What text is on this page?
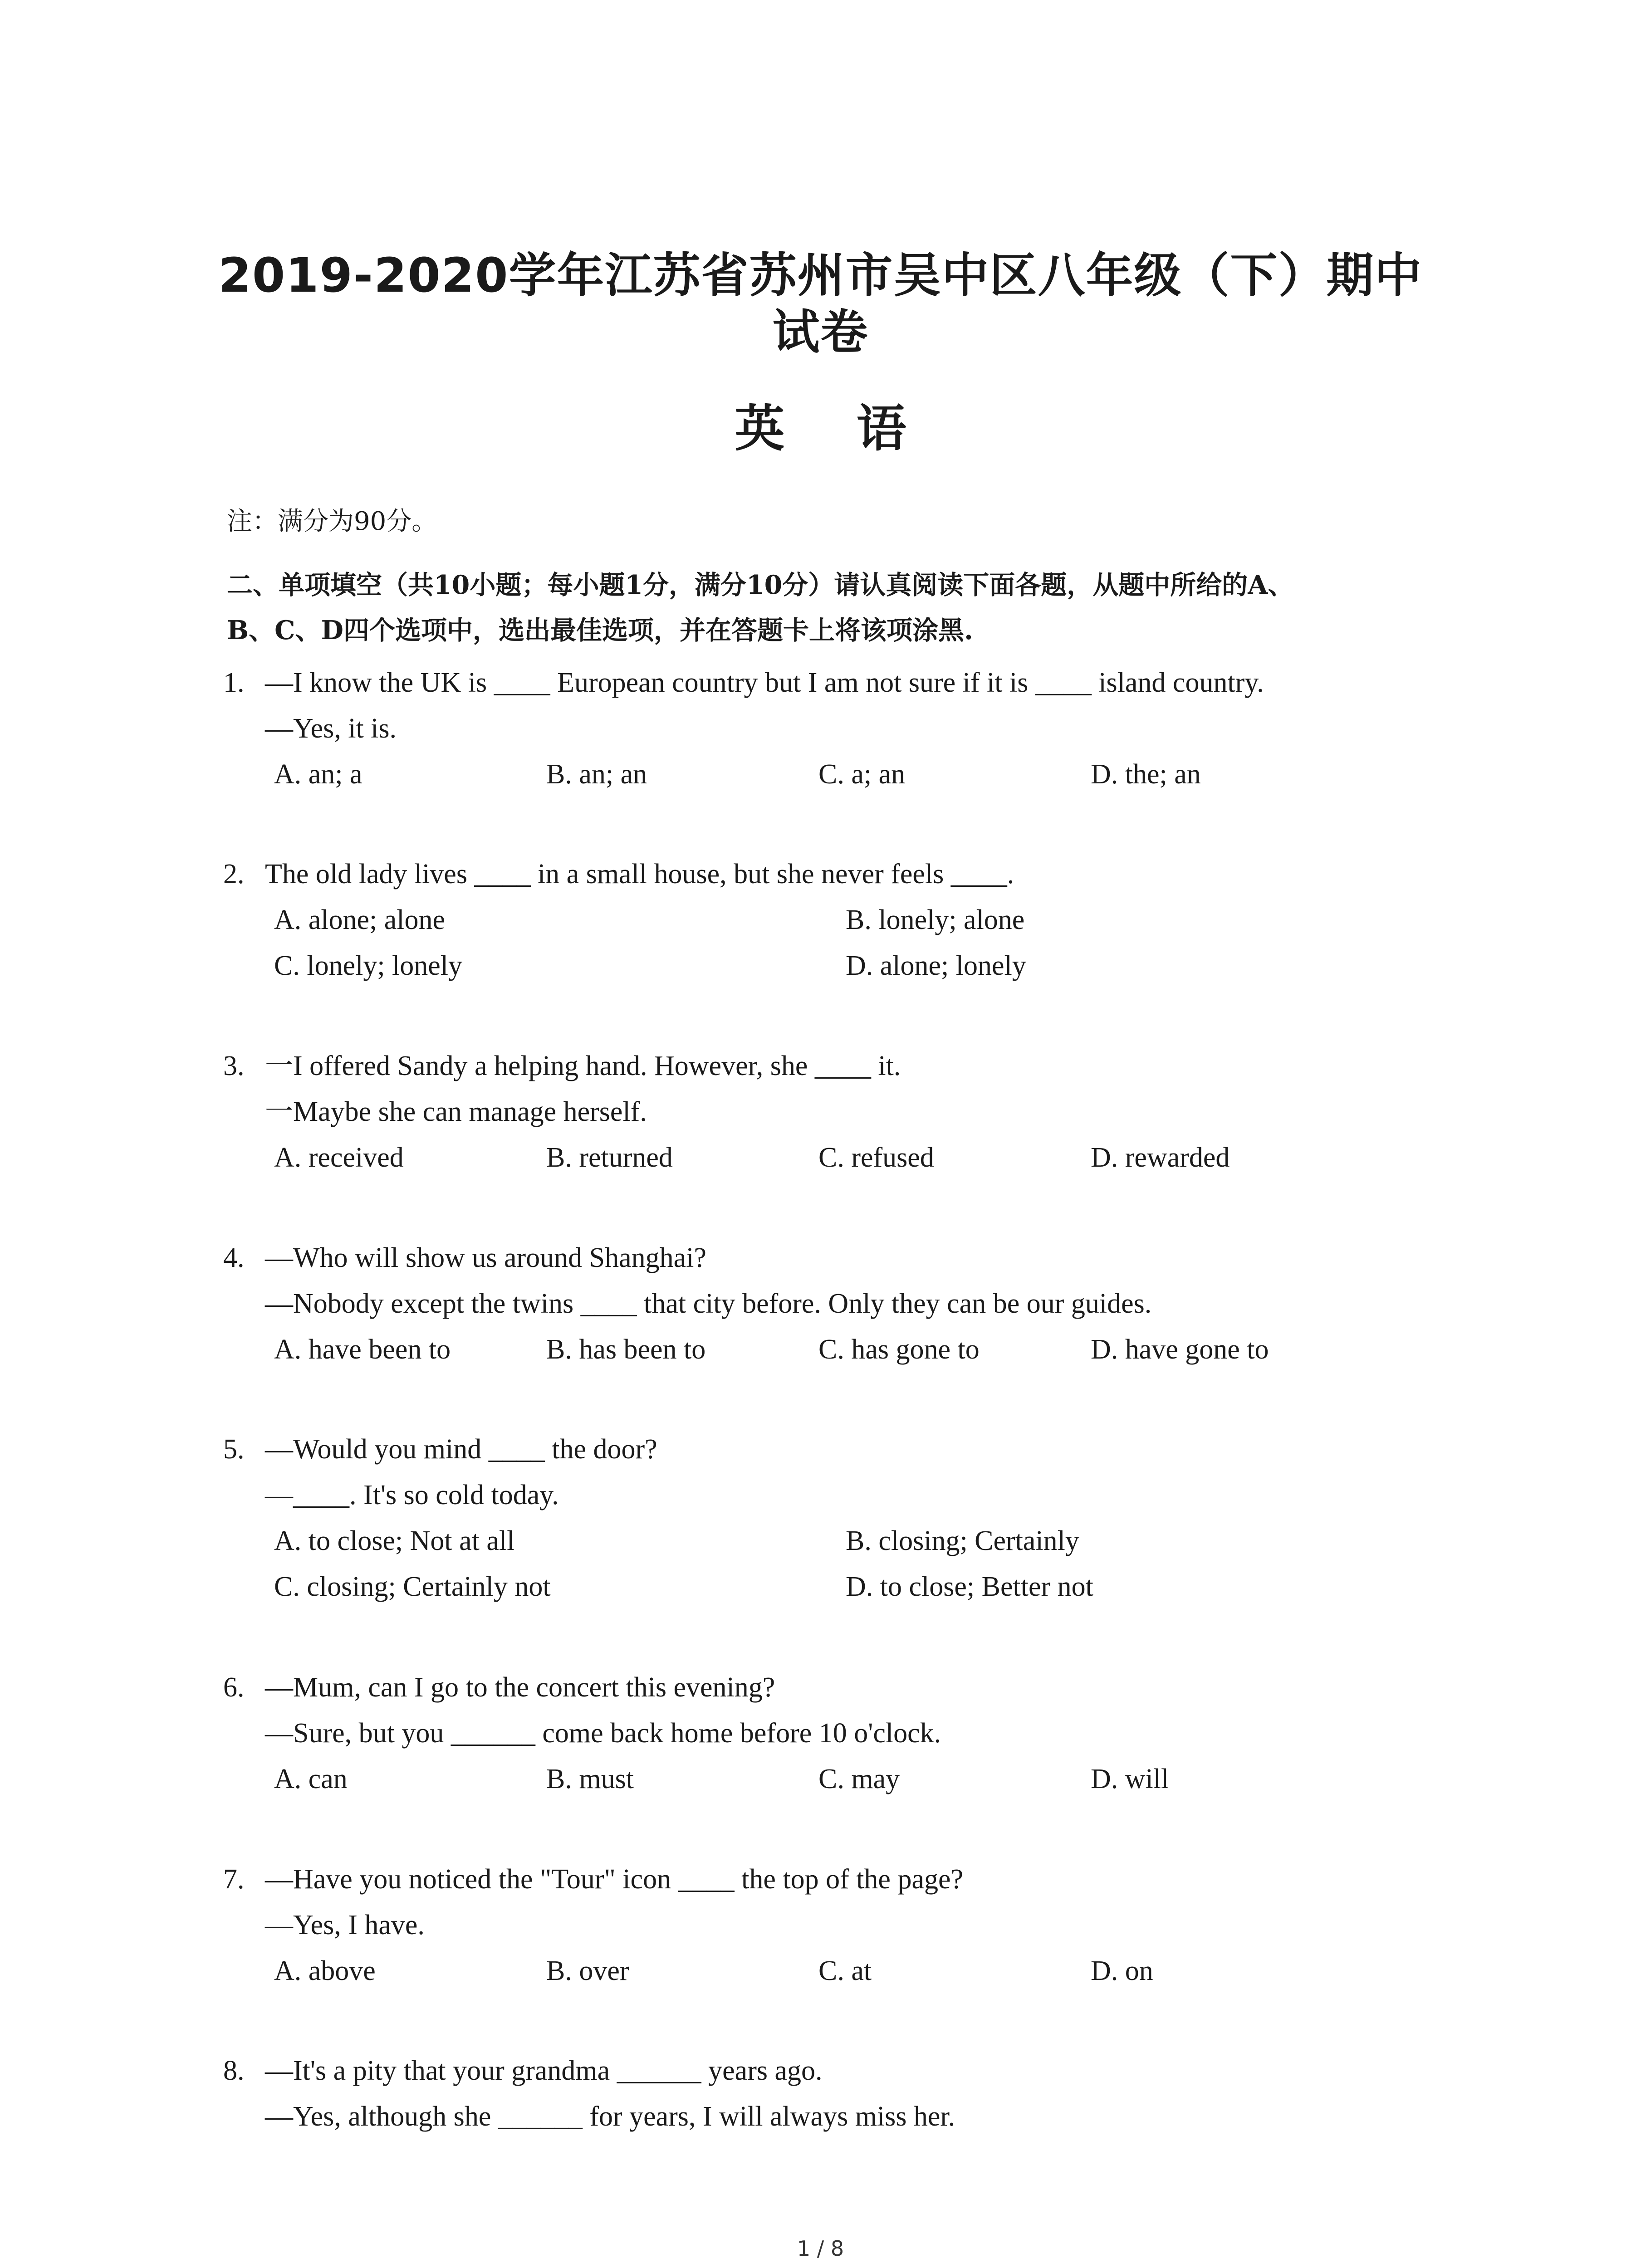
2019-2020学年江苏省苏州市吴中区八年级（下）期中
试卷
英 语
注：满分为90分。
二、单项填空（共10小题；每小题1分，满分10分）请认真阅读下面各题，从题中所给的A、
B、C、D四个选项中，选出最佳选项，并在答题卡上将该项涂黑.
1. —I know the UK is ____ European country but I am not sure if it is ____ island country.
—Yes, it is.
A. an; a	B. an; an	C. a; an	D. the; an
2. The old lady lives ____ in a small house, but she never feels ____.
A. alone; alone	B. lonely; alone
C. lonely; lonely	D. alone; lonely
3. 一I offered Sandy a helping hand. However, she ____ it.
一Maybe she can manage herself.
A. received	B. returned	C. refused	D. rewarded
4. —Who will show us around Shanghai?
—Nobody except the twins ____ that city before. Only they can be our guides.
A. have been to	B. has been to	C. has gone to	D. have gone to
5. —Would you mind ____ the door?
—____. It's so cold today.
A. to close; Not at all	B. closing; Certainly
C. closing; Certainly not	D. to close; Better not
6. —Mum, can I go to the concert this evening?
—Sure, but you ______ come back home before 10 o'clock.
A. can	B. must	C. may	D. will
7. —Have you noticed the "Tour" icon ____ the top of the page?
—Yes, I have.
A. above	B. over	C. at	D. on
8. —It's a pity that your grandma ______ years ago.
—Yes, although she ______ for years, I will always miss her.
1 / 8
